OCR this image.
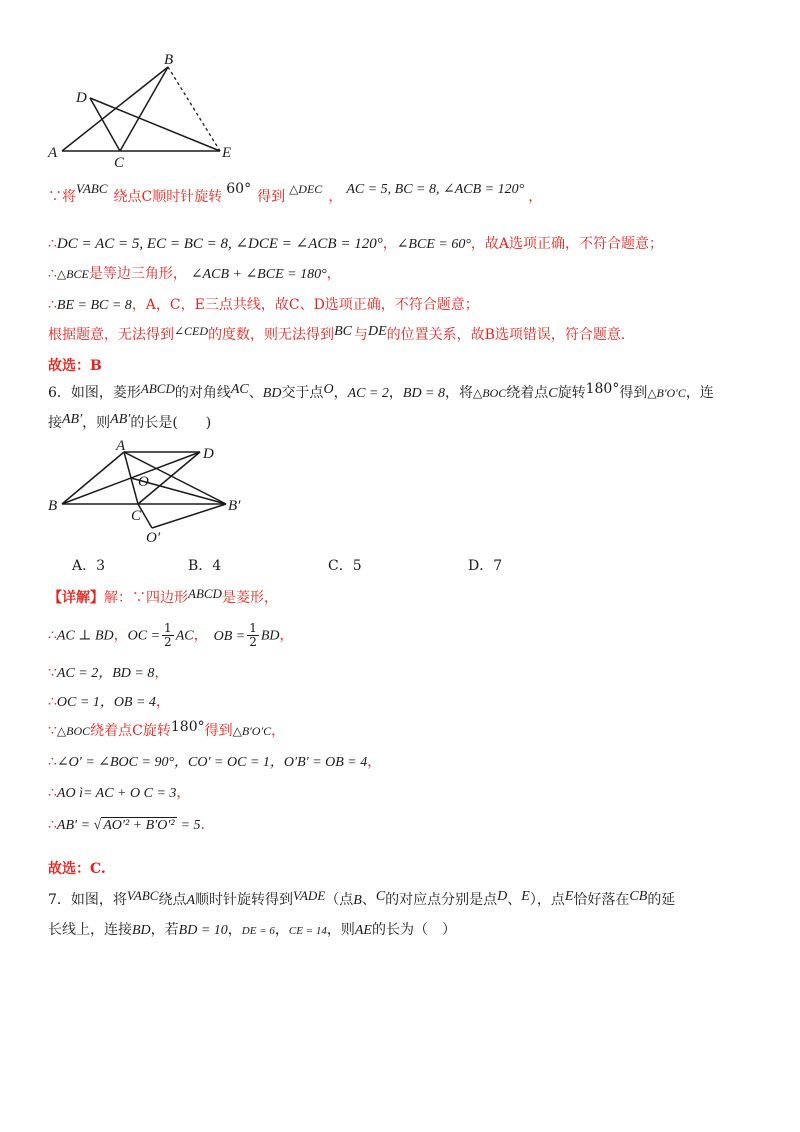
B
D
A
C
E
∵将VABC绕点C顺时针旋转 60° 得到 △DEC ， AC = 5, BC = 8, ∠ACB = 120° ，
∴DC = AC = 5, EC = BC = 8, ∠DCE = ∠ACB = 120°，∠BCE = 60°，故A选项正确，不符合题意；
∴△BCE是等边三角形， ∠ACB + ∠BCE = 180°，
∴BE = BC = 8，A，C，E三点共线，故C、D选项正确，不符合题意；
根据题意，无法得到∠CED的度数，则无法得到BC 与DE的位置关系，故B选项错误，符合题意.
故选：B
6．如图，菱形ABCD的对角线AC、BD交于点O，AC = 2，BD = 8，将△BOC绕着点C旋转180°得到△B′O′C，连
接AB′，则AB′的长是(　　)
A	D
O
B
C
B′
O′
A．3	B．4	C．5	D．7
【详解】解：∵四边形ABCD是菱形，
∴AC ⊥ BD，OC = $\frac{1}{2}$ AC， OB = $\frac{1}{2}$ BD，
∵AC = 2，BD = 8，
∴OC = 1，OB = 4，
∵△BOC绕着点C旋转180°得到△B′O′C，
∴∠O′ = ∠BOC = 90°，CO′ = OC = 1，O′B′ = OB = 4，
∴AO ì= AC + O C = 3，
∴AB′ = √ AO′² + B′O′² = 5.
故选：C.
7．如图，将VABC绕点A顺时针旋转得到VADE（点B、C的对应点分别是点D、E），点E恰好落在CB的延
长线上，连接BD，若BD = 10，DE = 6，CE = 14，则AE的长为（　）
